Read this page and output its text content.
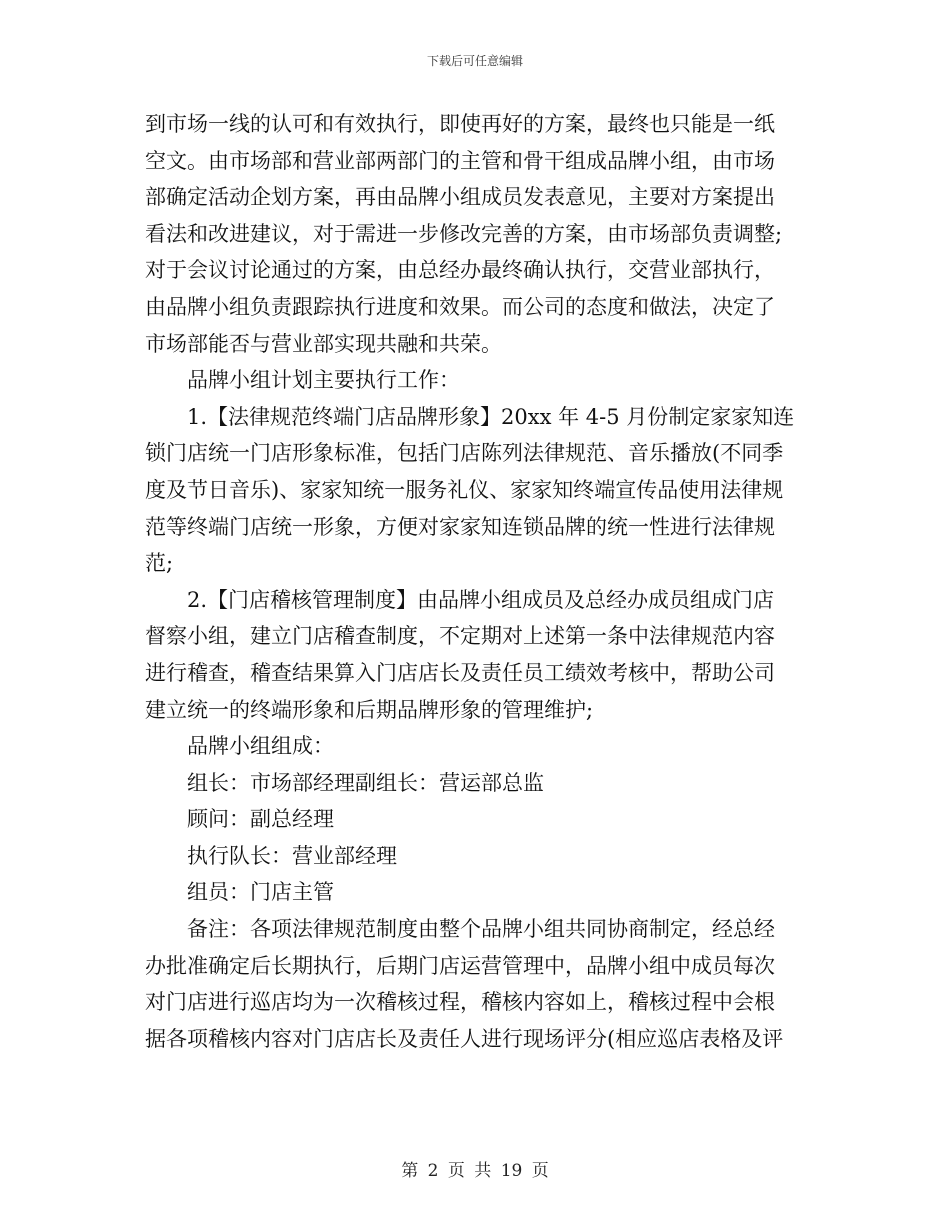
下载后可任意编辑
到市场一线的认可和有效执行，即使再好的方案，最终也只能是一纸
空文。由市场部和营业部两部门的主管和骨干组成品牌小组，由市场
部确定活动企划方案，再由品牌小组成员发表意见，主要对方案提出
看法和改进建议，对于需进一步修改完善的方案，由市场部负责调整;
对于会议讨论通过的方案，由总经办最终确认执行，交营业部执行，
由品牌小组负责跟踪执行进度和效果。而公司的态度和做法，决定了
市场部能否与营业部实现共融和共荣。
品牌小组计划主要执行工作：
1.【法律规范终端门店品牌形象】20xx 年 4-5 月份制定家家知连
锁门店统一门店形象标准，包括门店陈列法律规范、音乐播放(不同季
度及节日音乐)、家家知统一服务礼仪、家家知终端宣传品使用法律规
范等终端门店统一形象，方便对家家知连锁品牌的统一性进行法律规
范;
2.【门店稽核管理制度】由品牌小组成员及总经办成员组成门店
督察小组，建立门店稽查制度，不定期对上述第一条中法律规范内容
进行稽查，稽查结果算入门店店长及责任员工绩效考核中，帮助公司
建立统一的终端形象和后期品牌形象的管理维护;
品牌小组组成：
组长：市场部经理副组长：营运部总监
顾问：副总经理
执行队长：营业部经理
组员：门店主管
备注：各项法律规范制度由整个品牌小组共同协商制定，经总经
办批准确定后长期执行，后期门店运营管理中，品牌小组中成员每次
对门店进行巡店均为一次稽核过程，稽核内容如上，稽核过程中会根
据各项稽核内容对门店店长及责任人进行现场评分(相应巡店表格及评
第 2 页 共 19 页
